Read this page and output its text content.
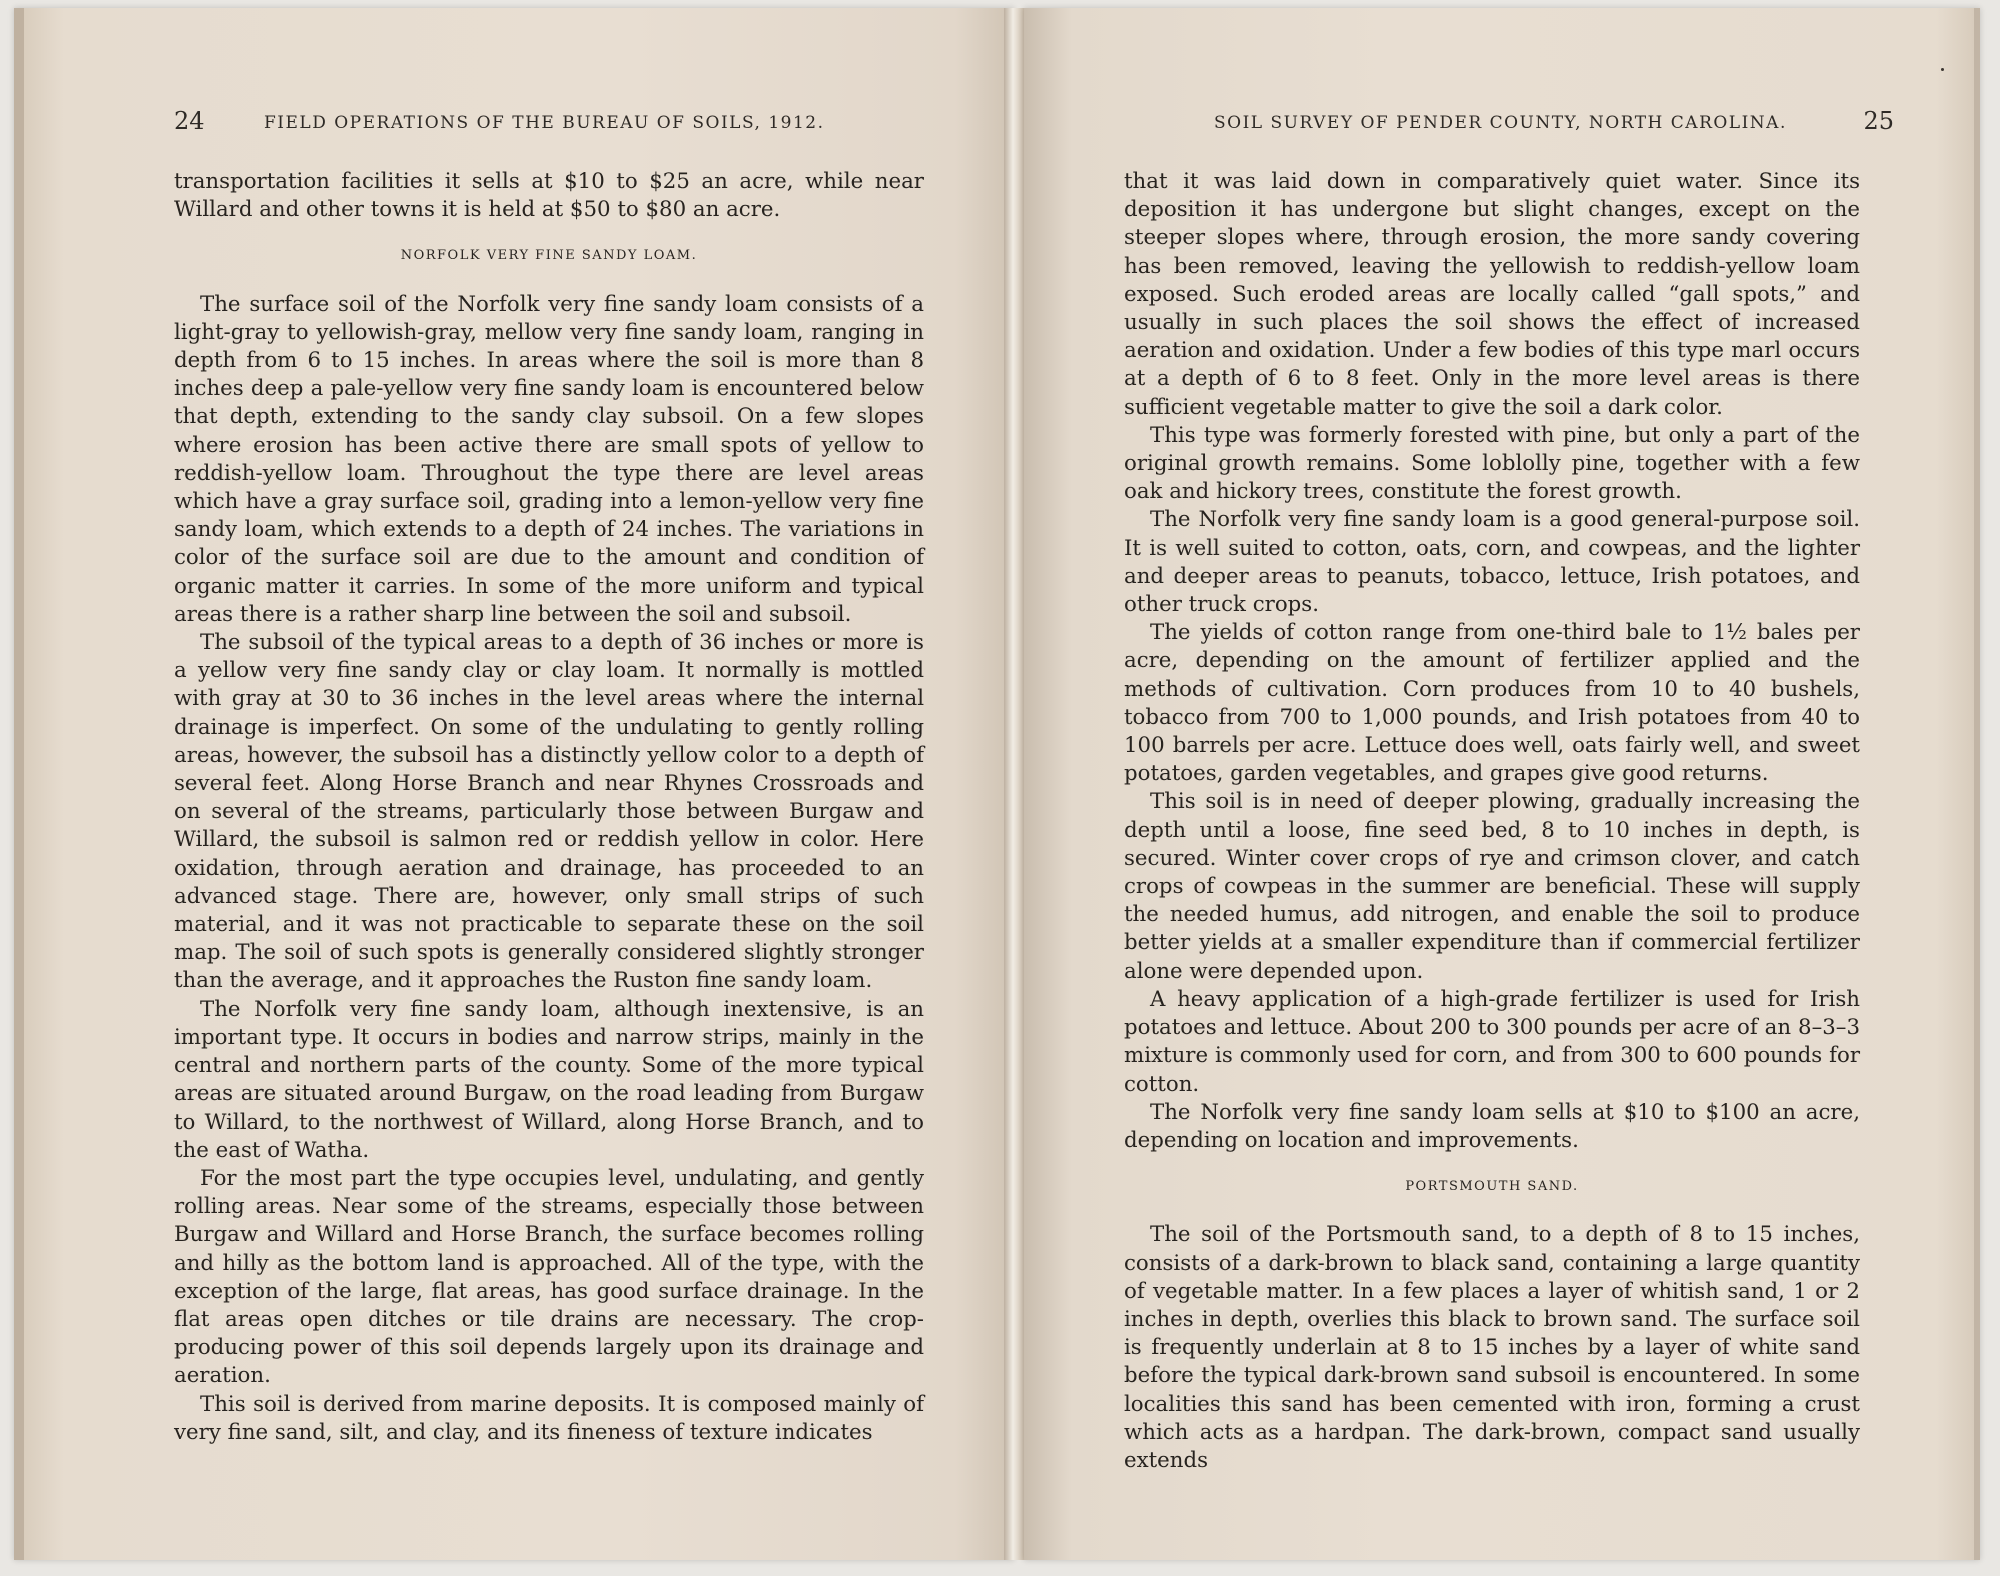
24	FIELD OPERATIONS OF THE BUREAU OF SOILS, 1912.

transportation facilities it sells at $10 to $25 an acre, while near Willard and other towns it is held at $50 to $80 an acre.

NORFOLK VERY FINE SANDY LOAM.

The surface soil of the Norfolk very fine sandy loam consists of a light-gray to yellowish-gray, mellow very fine sandy loam, ranging in depth from 6 to 15 inches. In areas where the soil is more than 8 inches deep a pale-yellow very fine sandy loam is encountered below that depth, extending to the sandy clay subsoil. On a few slopes where erosion has been active there are small spots of yellow to reddish-yellow loam. Throughout the type there are level areas which have a gray surface soil, grading into a lemon-yellow very fine sandy loam, which extends to a depth of 24 inches. The variations in color of the surface soil are due to the amount and condition of organic matter it carries. In some of the more uniform and typical areas there is a rather sharp line between the soil and subsoil.

The subsoil of the typical areas to a depth of 36 inches or more is a yellow very fine sandy clay or clay loam. It normally is mottled with gray at 30 to 36 inches in the level areas where the internal drainage is imperfect. On some of the undulating to gently rolling areas, however, the subsoil has a distinctly yellow color to a depth of several feet. Along Horse Branch and near Rhynes Crossroads and on several of the streams, particularly those between Burgaw and Willard, the subsoil is salmon red or reddish yellow in color. Here oxidation, through aeration and drainage, has proceeded to an advanced stage. There are, however, only small strips of such material, and it was not practicable to separate these on the soil map. The soil of such spots is generally considered slightly stronger than the average, and it approaches the Ruston fine sandy loam.

The Norfolk very fine sandy loam, although inextensive, is an important type. It occurs in bodies and narrow strips, mainly in the central and northern parts of the county. Some of the more typical areas are situated around Burgaw, on the road leading from Burgaw to Willard, to the northwest of Willard, along Horse Branch, and to the east of Watha.

For the most part the type occupies level, undulating, and gently rolling areas. Near some of the streams, especially those between Burgaw and Willard and Horse Branch, the surface becomes rolling and hilly as the bottom land is approached. All of the type, with the exception of the large, flat areas, has good surface drainage. In the flat areas open ditches or tile drains are necessary. The crop-producing power of this soil depends largely upon its drainage and aeration.

This soil is derived from marine deposits. It is composed mainly of very fine sand, silt, and clay, and its fineness of texture indicates

SOIL SURVEY OF PENDER COUNTY, NORTH CAROLINA.	25

that it was laid down in comparatively quiet water. Since its deposition it has undergone but slight changes, except on the steeper slopes where, through erosion, the more sandy covering has been removed, leaving the yellowish to reddish-yellow loam exposed. Such eroded areas are locally called “gall spots,” and usually in such places the soil shows the effect of increased aeration and oxidation. Under a few bodies of this type marl occurs at a depth of 6 to 8 feet. Only in the more level areas is there sufficient vegetable matter to give the soil a dark color.

This type was formerly forested with pine, but only a part of the original growth remains. Some loblolly pine, together with a few oak and hickory trees, constitute the forest growth.

The Norfolk very fine sandy loam is a good general-purpose soil. It is well suited to cotton, oats, corn, and cowpeas, and the lighter and deeper areas to peanuts, tobacco, lettuce, Irish potatoes, and other truck crops.

The yields of cotton range from one-third bale to 1½ bales per acre, depending on the amount of fertilizer applied and the methods of cultivation. Corn produces from 10 to 40 bushels, tobacco from 700 to 1,000 pounds, and Irish potatoes from 40 to 100 barrels per acre. Lettuce does well, oats fairly well, and sweet potatoes, garden vegetables, and grapes give good returns.

This soil is in need of deeper plowing, gradually increasing the depth until a loose, fine seed bed, 8 to 10 inches in depth, is secured. Winter cover crops of rye and crimson clover, and catch crops of cowpeas in the summer are beneficial. These will supply the needed humus, add nitrogen, and enable the soil to produce better yields at a smaller expenditure than if commercial fertilizer alone were depended upon.

A heavy application of a high-grade fertilizer is used for Irish potatoes and lettuce. About 200 to 300 pounds per acre of an 8–3–3 mixture is commonly used for corn, and from 300 to 600 pounds for cotton.

The Norfolk very fine sandy loam sells at $10 to $100 an acre, depending on location and improvements.

PORTSMOUTH SAND.

The soil of the Portsmouth sand, to a depth of 8 to 15 inches, consists of a dark-brown to black sand, containing a large quantity of vegetable matter. In a few places a layer of whitish sand, 1 or 2 inches in depth, overlies this black to brown sand. The surface soil is frequently underlain at 8 to 15 inches by a layer of white sand before the typical dark-brown sand subsoil is encountered. In some localities this sand has been cemented with iron, forming a crust which acts as a hardpan. The dark-brown, compact sand usually extends
